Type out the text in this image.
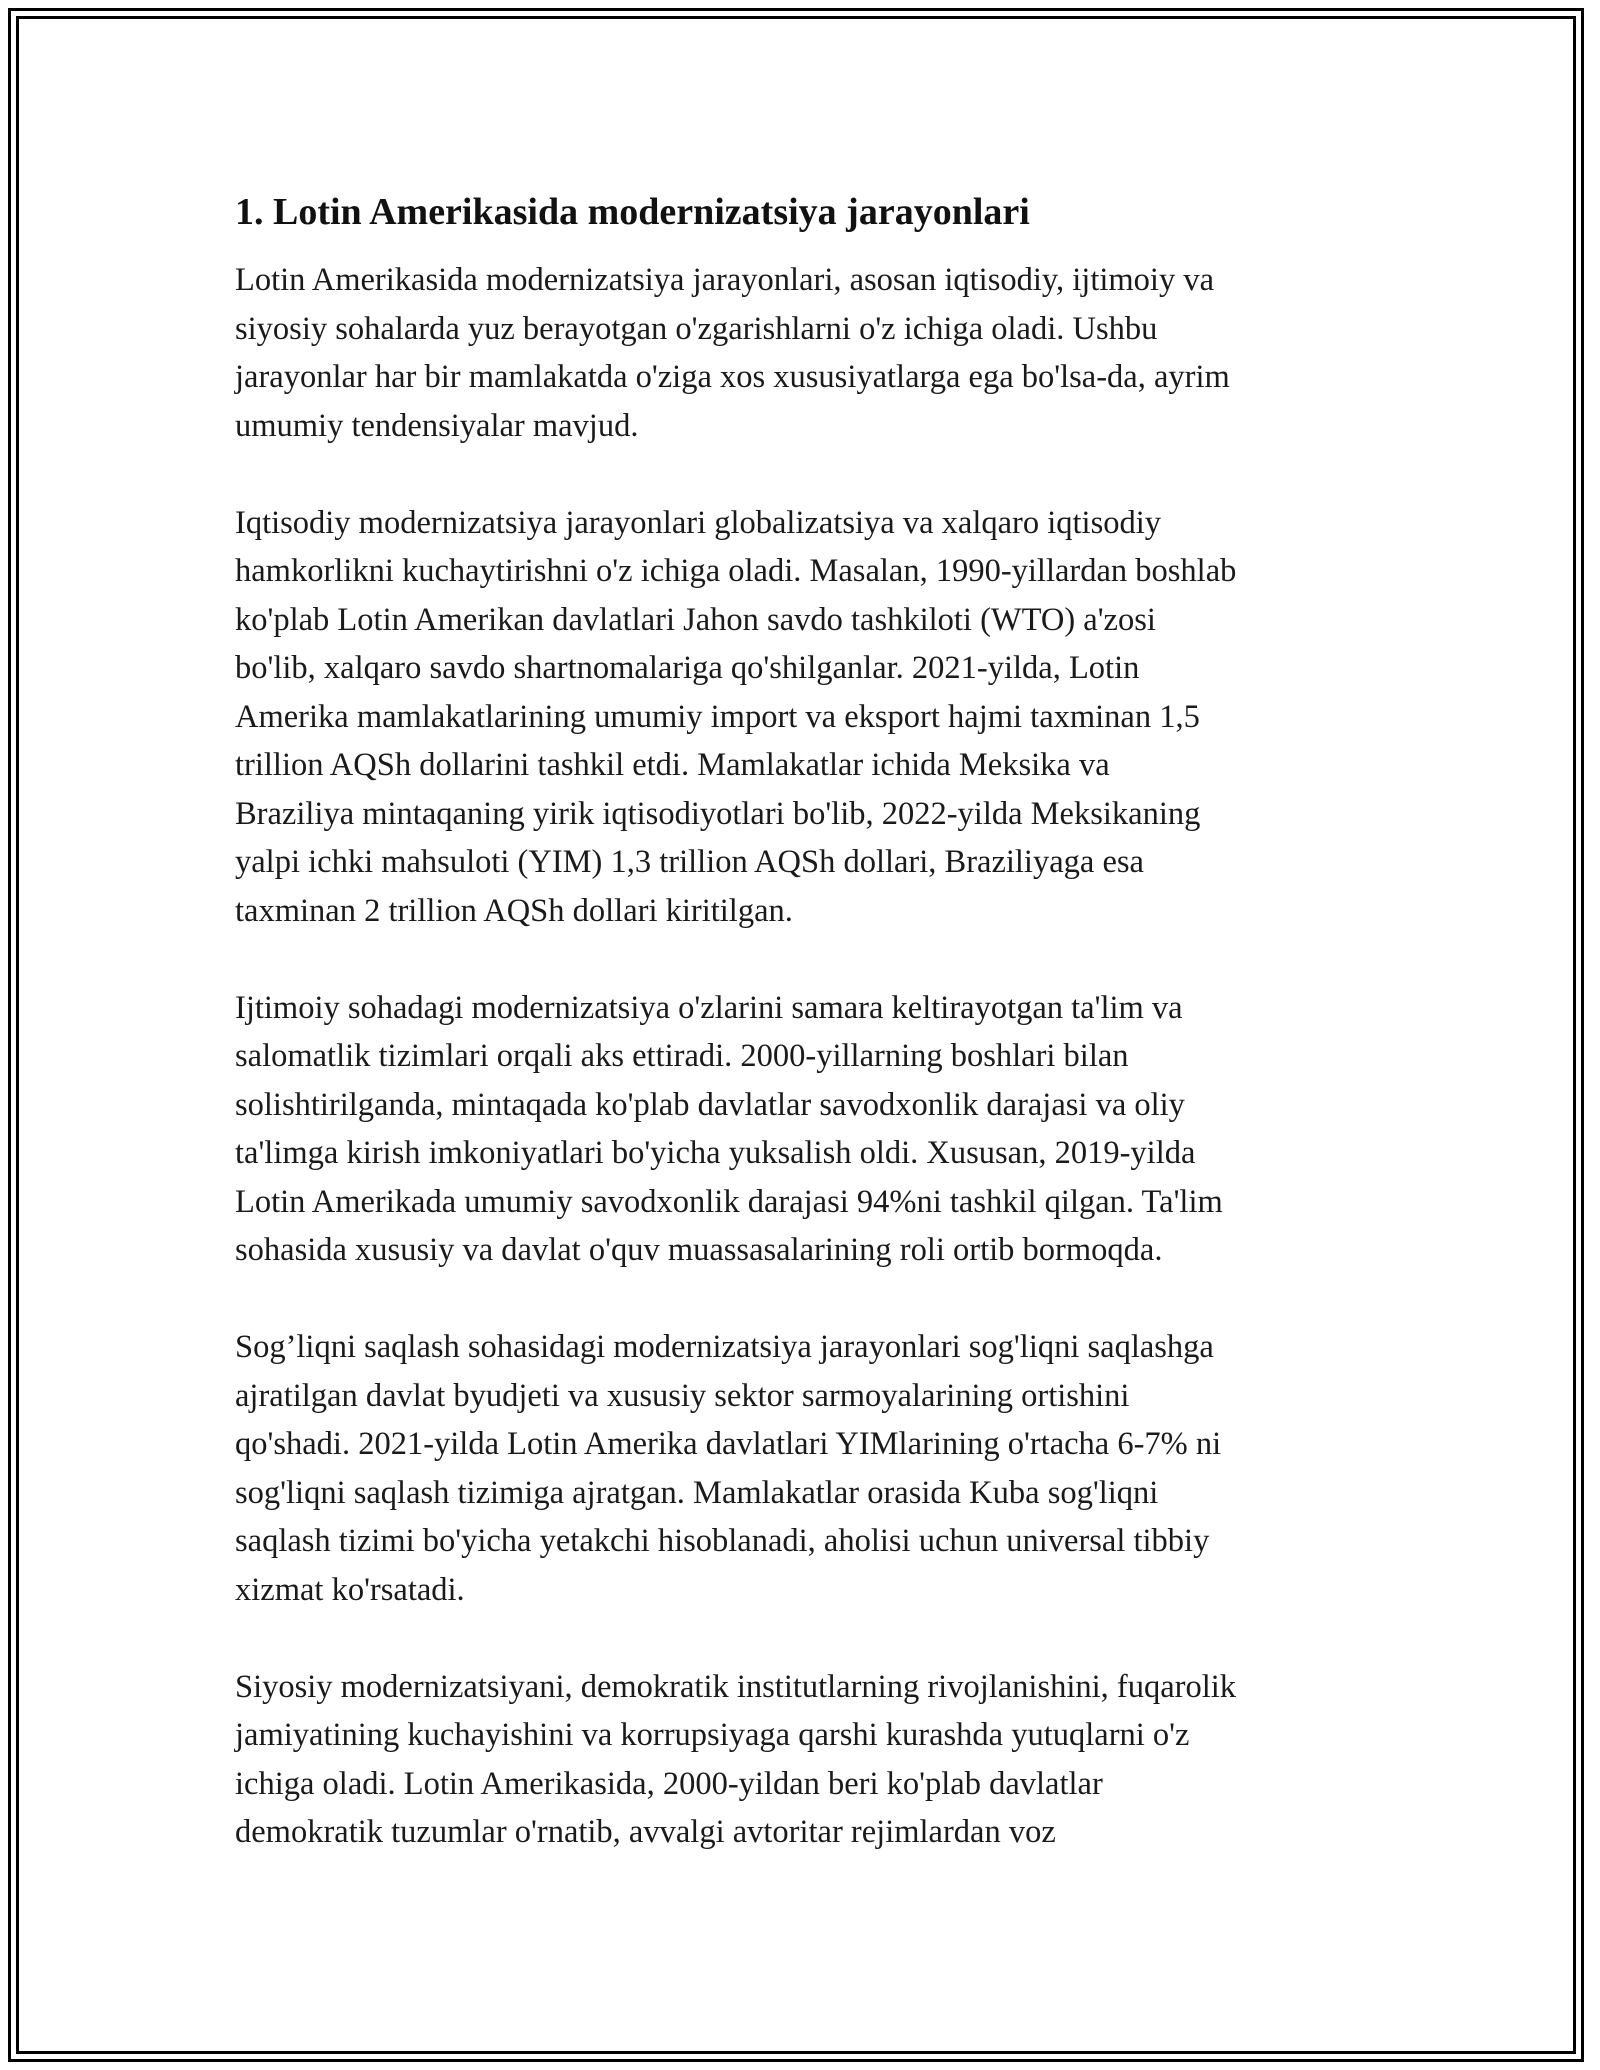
1. Lotin Amerikasida modernizatsiya jarayonlari
Lotin Amerikasida modernizatsiya jarayonlari, asosan iqtisodiy, ijtimoiy va
siyosiy sohalarda yuz berayotgan o'zgarishlarni o'z ichiga oladi. Ushbu
jarayonlar har bir mamlakatda o'ziga xos xususiyatlarga ega bo'lsa-da, ayrim
umumiy tendensiyalar mavjud.
Iqtisodiy modernizatsiya jarayonlari globalizatsiya va xalqaro iqtisodiy
hamkorlikni kuchaytirishni o'z ichiga oladi. Masalan, 1990-yillardan boshlab
ko'plab Lotin Amerikan davlatlari Jahon savdo tashkiloti (WTO) a'zosi
bo'lib, xalqaro savdo shartnomalariga qo'shilganlar. 2021-yilda, Lotin
Amerika mamlakatlarining umumiy import va eksport hajmi taxminan 1,5
trillion AQSh dollarini tashkil etdi. Mamlakatlar ichida Meksika va
Braziliya mintaqaning yirik iqtisodiyotlari bo'lib, 2022-yilda Meksikaning
yalpi ichki mahsuloti (YIM) 1,3 trillion AQSh dollari, Braziliyaga esa
taxminan 2 trillion AQSh dollari kiritilgan.
Ijtimoiy sohadagi modernizatsiya o'zlarini samara keltirayotgan ta'lim va
salomatlik tizimlari orqali aks ettiradi. 2000-yillarning boshlari bilan
solishtirilganda, mintaqada ko'plab davlatlar savodxonlik darajasi va oliy
ta'limga kirish imkoniyatlari bo'yicha yuksalish oldi. Xususan, 2019-yilda
Lotin Amerikada umumiy savodxonlik darajasi 94%ni tashkil qilgan. Ta'lim
sohasida xususiy va davlat o'quv muassasalarining roli ortib bormoqda.
Sog’liqni saqlash sohasidagi modernizatsiya jarayonlari sog'liqni saqlashga
ajratilgan davlat byudjeti va xususiy sektor sarmoyalarining ortishini
qo'shadi. 2021-yilda Lotin Amerika davlatlari YIMlarining o'rtacha 6-7% ni
sog'liqni saqlash tizimiga ajratgan. Mamlakatlar orasida Kuba sog'liqni
saqlash tizimi bo'yicha yetakchi hisoblanadi, aholisi uchun universal tibbiy
xizmat ko'rsatadi.
Siyosiy modernizatsiyani, demokratik institutlarning rivojlanishini, fuqarolik
jamiyatining kuchayishini va korrupsiyaga qarshi kurashda yutuqlarni o'z
ichiga oladi. Lotin Amerikasida, 2000-yildan beri ko'plab davlatlar
demokratik tuzumlar o'rnatib, avvalgi avtoritar rejimlardan voz
